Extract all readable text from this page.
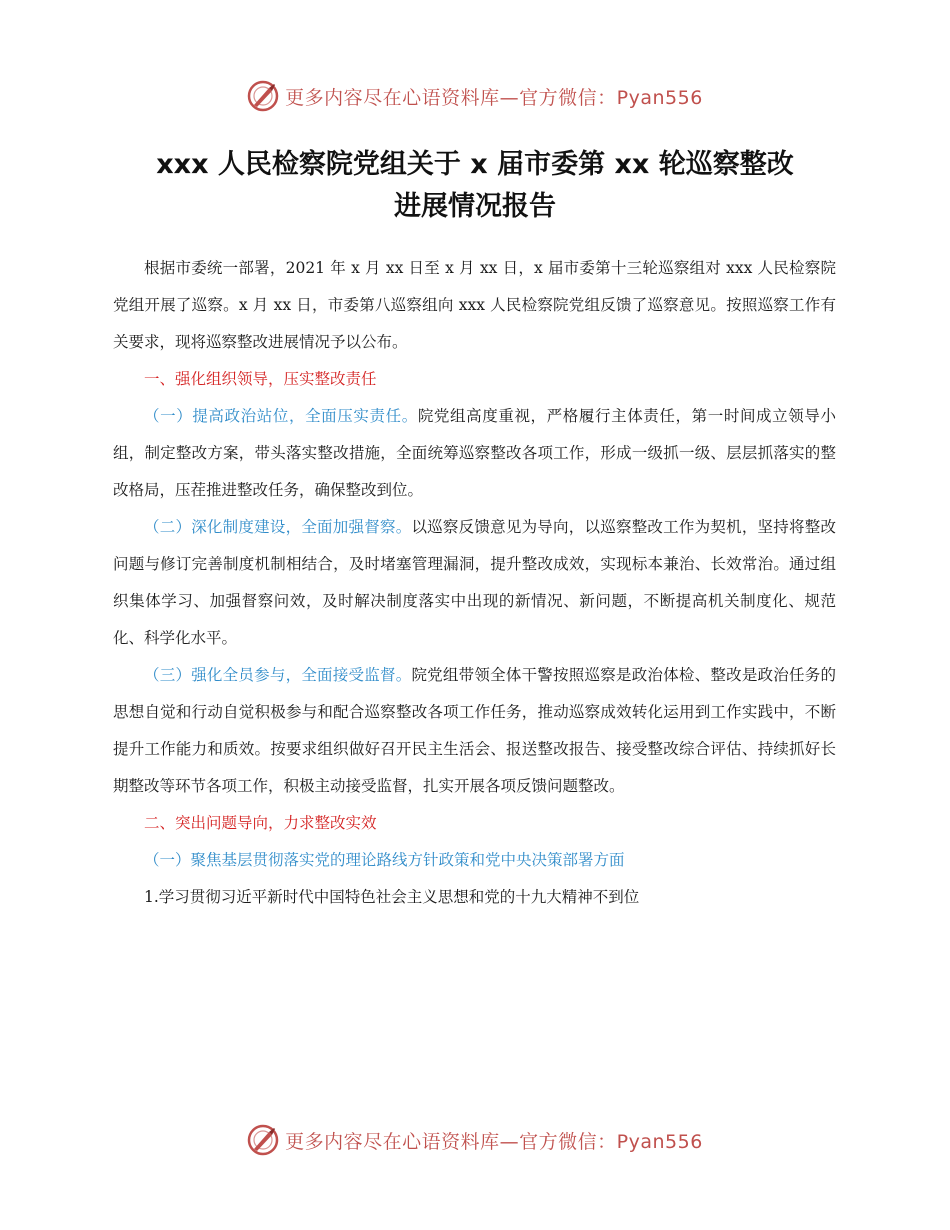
更多内容尽在心语资料库—官方微信：Pyan556
xxx 人民检察院党组关于 x 届市委第 xx 轮巡察整改
进展情况报告

根据市委统一部署，2021 年 x 月 xx 日至 x 月 xx 日，x 届市委第十三轮巡察组对 xxx 人民检察院党组开展了巡察。x 月 xx 日，市委第八巡察组向 xxx 人民检察院党组反馈了巡察意见。按照巡察工作有关要求，现将巡察整改进展情况予以公布。

一、强化组织领导，压实整改责任

（一）提高政治站位，全面压实责任。院党组高度重视，严格履行主体责任，第一时间成立领导小组，制定整改方案，带头落实整改措施，全面统筹巡察整改各项工作，形成一级抓一级、层层抓落实的整改格局，压茬推进整改任务，确保整改到位。

（二）深化制度建设，全面加强督察。以巡察反馈意见为导向，以巡察整改工作为契机，坚持将整改问题与修订完善制度机制相结合，及时堵塞管理漏洞，提升整改成效，实现标本兼治、长效常治。通过组织集体学习、加强督察问效，及时解决制度落实中出现的新情况、新问题，不断提高机关制度化、规范化、科学化水平。

（三）强化全员参与，全面接受监督。院党组带领全体干警按照巡察是政治体检、整改是政治任务的思想自觉和行动自觉积极参与和配合巡察整改各项工作任务，推动巡察成效转化运用到工作实践中，不断提升工作能力和质效。按要求组织做好召开民主生活会、报送整改报告、接受整改综合评估、持续抓好长期整改等环节各项工作，积极主动接受监督，扎实开展各项反馈问题整改。

二、突出问题导向，力求整改实效

（一）聚焦基层贯彻落实党的理论路线方针政策和党中央决策部署方面

1.学习贯彻习近平新时代中国特色社会主义思想和党的十九大精神不到位

更多内容尽在心语资料库—官方微信：Pyan556
